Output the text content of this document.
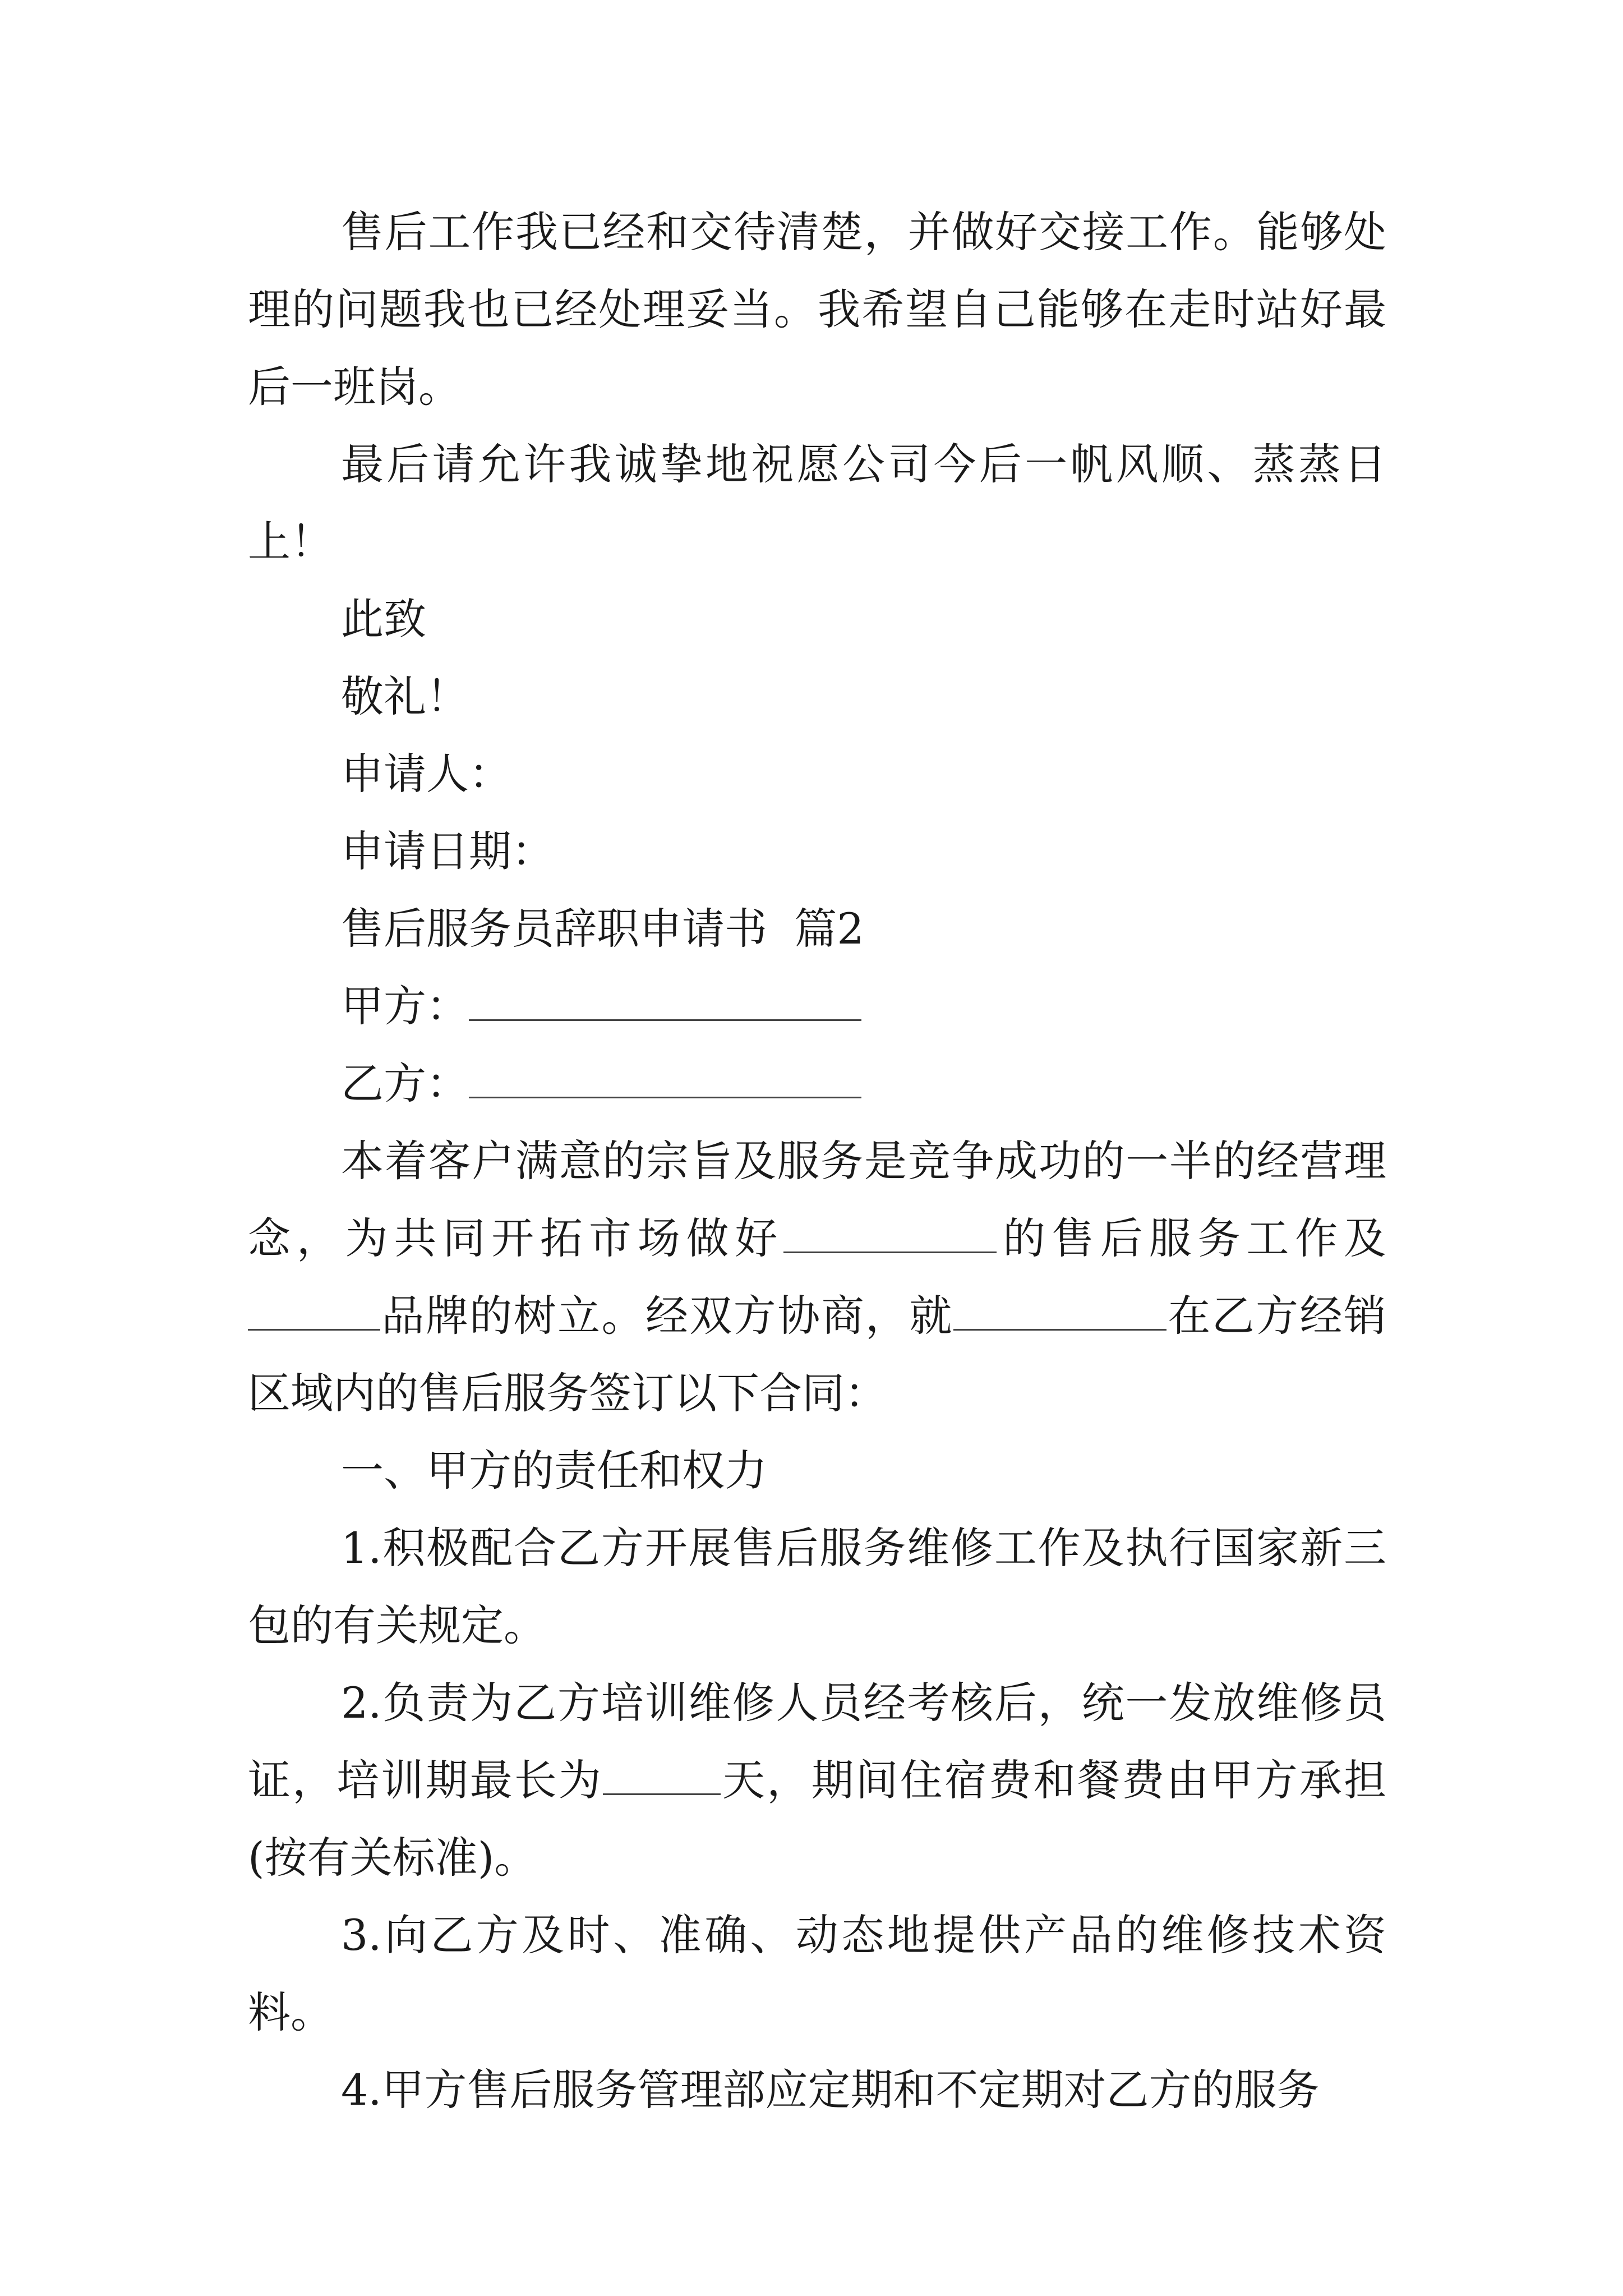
售后工作我已经和交待清楚，并做好交接工作。能够处理的问题我也已经处理妥当。我希望自己能够在走时站好最后一班岗。

最后请允许我诚挚地祝愿公司今后一帆风顺、蒸蒸日上！

此致

敬礼！

申请人：

申请日期：

售后服务员辞职申请书  篇2

甲方：

乙方：

本着客户满意的宗旨及服务是竞争成功的一半的经营理念，为共同开拓市场做好	的售后服务工作及品牌的树立。经双方协商，就	在乙方经销区域内的售后服务签订以下合同：

一、甲方的责任和权力

1.积极配合乙方开展售后服务维修工作及执行国家新三包的有关规定。

2.负责为乙方培训维修人员经考核后，统一发放维修员证，培训期最长为	天，期间住宿费和餐费由甲方承担(按有关标准)。

3.向乙方及时、准确、动态地提供产品的维修技术资料。

4.甲方售后服务管理部应定期和不定期对乙方的服务
